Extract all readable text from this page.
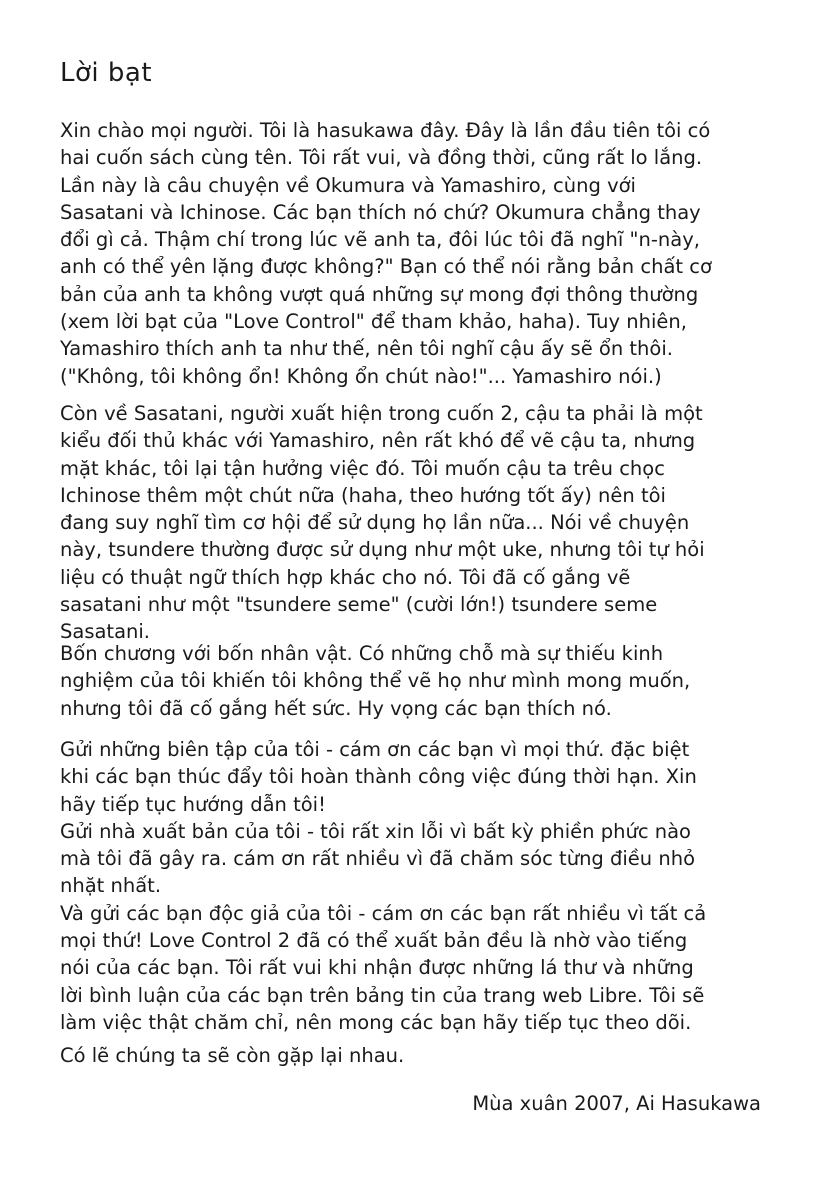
Lời bạt
Xin chào mọi người. Tôi là hasukawa đây. Đây là lần đầu tiên tôi có
hai cuốn sách cùng tên. Tôi rất vui, và đồng thời, cũng rất lo lắng.
Lần này là câu chuyện về Okumura và Yamashiro, cùng với
Sasatani và Ichinose. Các bạn thích nó chứ? Okumura chẳng thay
đổi gì cả. Thậm chí trong lúc vẽ anh ta, đôi lúc tôi đã nghĩ "n-này,
anh có thể yên lặng được không?" Bạn có thể nói rằng bản chất cơ
bản của anh ta không vượt quá những sự mong đợi thông thường
(xem lời bạt của "Love Control" để tham khảo, haha). Tuy nhiên,
Yamashiro thích anh ta như thế, nên tôi nghĩ cậu ấy sẽ ổn thôi.
("Không, tôi không ổn! Không ổn chút nào!"... Yamashiro nói.)
Còn về Sasatani, người xuất hiện trong cuốn 2, cậu ta phải là một
kiểu đối thủ khác với Yamashiro, nên rất khó để vẽ cậu ta, nhưng
mặt khác, tôi lại tận hưởng việc đó. Tôi muốn cậu ta trêu chọc
Ichinose thêm một chút nữa (haha, theo hướng tốt ấy) nên tôi
đang suy nghĩ tìm cơ hội để sử dụng họ lần nữa... Nói về chuyện
này, tsundere thường được sử dụng như một uke, nhưng tôi tự hỏi
liệu có thuật ngữ thích hợp khác cho nó. Tôi đã cố gắng vẽ
sasatani như một "tsundere seme" (cười lớn!) tsundere seme
Sasatani.
Bốn chương với bốn nhân vật. Có những chỗ mà sự thiếu kinh
nghiệm của tôi khiến tôi không thể vẽ họ như mình mong muốn,
nhưng tôi đã cố gắng hết sức. Hy vọng các bạn thích nó.
Gửi những biên tập của tôi - cám ơn các bạn vì mọi thứ. đặc biệt
khi các bạn thúc đẩy tôi hoàn thành công việc đúng thời hạn. Xin
hãy tiếp tục hướng dẫn tôi!
Gửi nhà xuất bản của tôi - tôi rất xin lỗi vì bất kỳ phiền phức nào
mà tôi đã gây ra. cám ơn rất nhiều vì đã chăm sóc từng điều nhỏ
nhặt nhất.
Và gửi các bạn độc giả của tôi - cám ơn các bạn rất nhiều vì tất cả
mọi thứ! Love Control 2 đã có thể xuất bản đều là nhờ vào tiếng
nói của các bạn. Tôi rất vui khi nhận được những lá thư và những
lời bình luận của các bạn trên bảng tin của trang web Libre. Tôi sẽ
làm việc thật chăm chỉ, nên mong các bạn hãy tiếp tục theo dõi.
Có lẽ chúng ta sẽ còn gặp lại nhau.
Mùa xuân 2007, Ai Hasukawa
